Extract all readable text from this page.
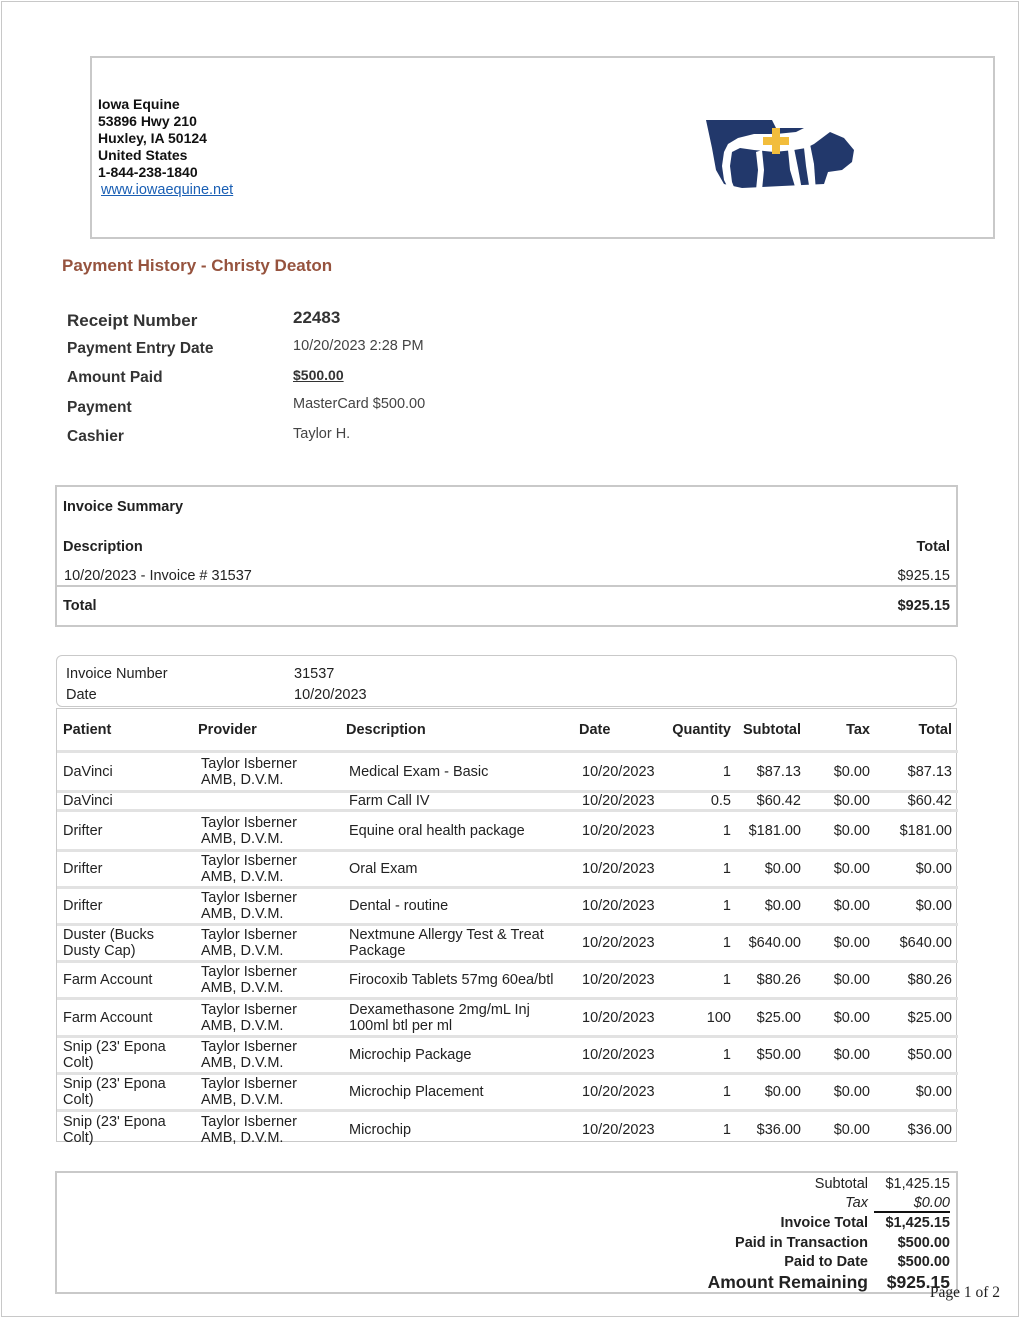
Iowa Equine
53896 Hwy 210
Huxley, IA 50124
United States
1-844-238-1840
www.iowaequine.net
Payment History - Christy Deaton
Receipt Number	22483
Payment Entry Date	10/20/2023 2:28 PM
Amount Paid	$500.00
Payment	MasterCard $500.00
Cashier	Taylor H.
Invoice Summary
Description	Total
10/20/2023 - Invoice # 31537	$925.15
Total	$925.15
Invoice Number	31537
Date	10/20/2023
Patient	Provider	Description	Date	Quantity	Subtotal	Tax	Total
DaVinci	Taylor Isberner AMB, D.V.M.	Medical Exam - Basic	10/20/2023	1	$87.13	$0.00	$87.13
DaVinci		Farm Call IV	10/20/2023	0.5	$60.42	$0.00	$60.42
Drifter	Taylor Isberner AMB, D.V.M.	Equine oral health package	10/20/2023	1	$181.00	$0.00	$181.00
Drifter	Taylor Isberner AMB, D.V.M.	Oral Exam	10/20/2023	1	$0.00	$0.00	$0.00
Drifter	Taylor Isberner AMB, D.V.M.	Dental - routine	10/20/2023	1	$0.00	$0.00	$0.00
Duster (Bucks Dusty Cap)	Taylor Isberner AMB, D.V.M.	Nextmune Allergy Test & Treat Package	10/20/2023	1	$640.00	$0.00	$640.00
Farm Account	Taylor Isberner AMB, D.V.M.	Firocoxib Tablets 57mg 60ea/btl	10/20/2023	1	$80.26	$0.00	$80.26
Farm Account	Taylor Isberner AMB, D.V.M.	Dexamethasone 2mg/mL Inj 100ml btl per ml	10/20/2023	100	$25.00	$0.00	$25.00
Snip (23' Epona Colt)	Taylor Isberner AMB, D.V.M.	Microchip Package	10/20/2023	1	$50.00	$0.00	$50.00
Snip (23' Epona Colt)	Taylor Isberner AMB, D.V.M.	Microchip Placement	10/20/2023	1	$0.00	$0.00	$0.00
Snip (23' Epona Colt)	Taylor Isberner AMB, D.V.M.	Microchip	10/20/2023	1	$36.00	$0.00	$36.00
Subtotal $1,425.15
Tax	$0.00
Invoice Total $1,425.15
Paid in Transaction $500.00
Paid to Date $500.00
Amount Remaining $925.15
Page 1 of 2
